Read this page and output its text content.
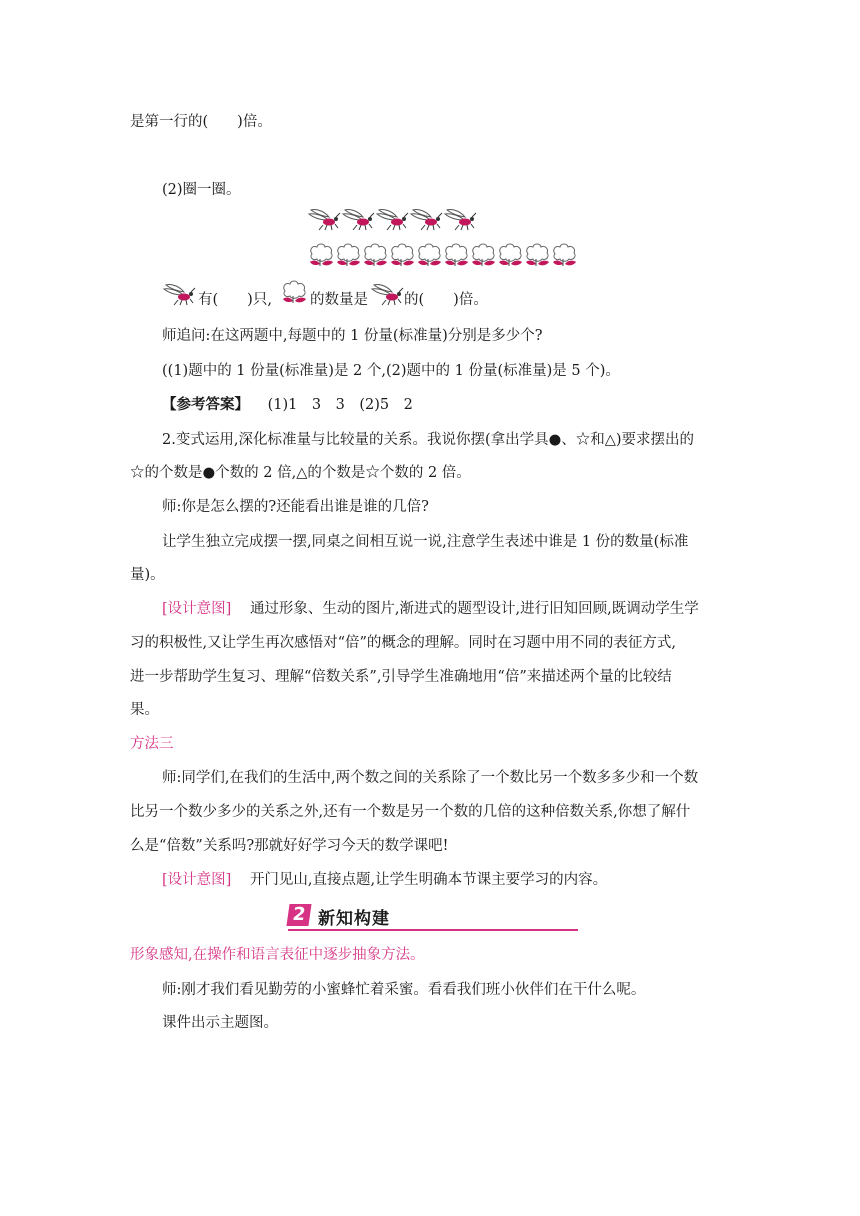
是第一行的(　　)倍。
(2)圈一圈。
有(　　)只,	的数量是 的(　　)倍。
师追问:在这两题中,每题中的 1 份量(标准量)分别是多少个?
((1)题中的 1 份量(标准量)是 2 个,(2)题中的 1 份量(标准量)是 5 个)。
【参考答案】 (1)1　3　3　(2)5　2
2.变式运用,深化标准量与比较量的关系。我说你摆(拿出学具●、☆和△)要求摆出的
☆的个数是●个数的 2 倍,△的个数是☆个数的 2 倍。
师:你是怎么摆的?还能看出谁是谁的几倍?
让学生独立完成摆一摆,同桌之间相互说一说,注意学生表述中谁是 1 份的数量(标准
量)。
[设计意图] 通过形象、生动的图片,渐进式的题型设计,进行旧知回顾,既调动学生学
习的积极性,又让学生再次感悟对“倍”的概念的理解。同时在习题中用不同的表征方式,
进一步帮助学生复习、理解“倍数关系”,引导学生准确地用“倍”来描述两个量的比较结
果。
方法三
师:同学们,在我们的生活中,两个数之间的关系除了一个数比另一个数多多少和一个数
比另一个数少多少的关系之外,还有一个数是另一个数的几倍的这种倍数关系,你想了解什
么是“倍数”关系吗?那就好好学习今天的数学课吧!
[设计意图] 开门见山,直接点题,让学生明确本节课主要学习的内容。
2 新知构建
形象感知,在操作和语言表征中逐步抽象方法。
师:刚才我们看见勤劳的小蜜蜂忙着采蜜。看看我们班小伙伴们在干什么呢。
课件出示主题图。
